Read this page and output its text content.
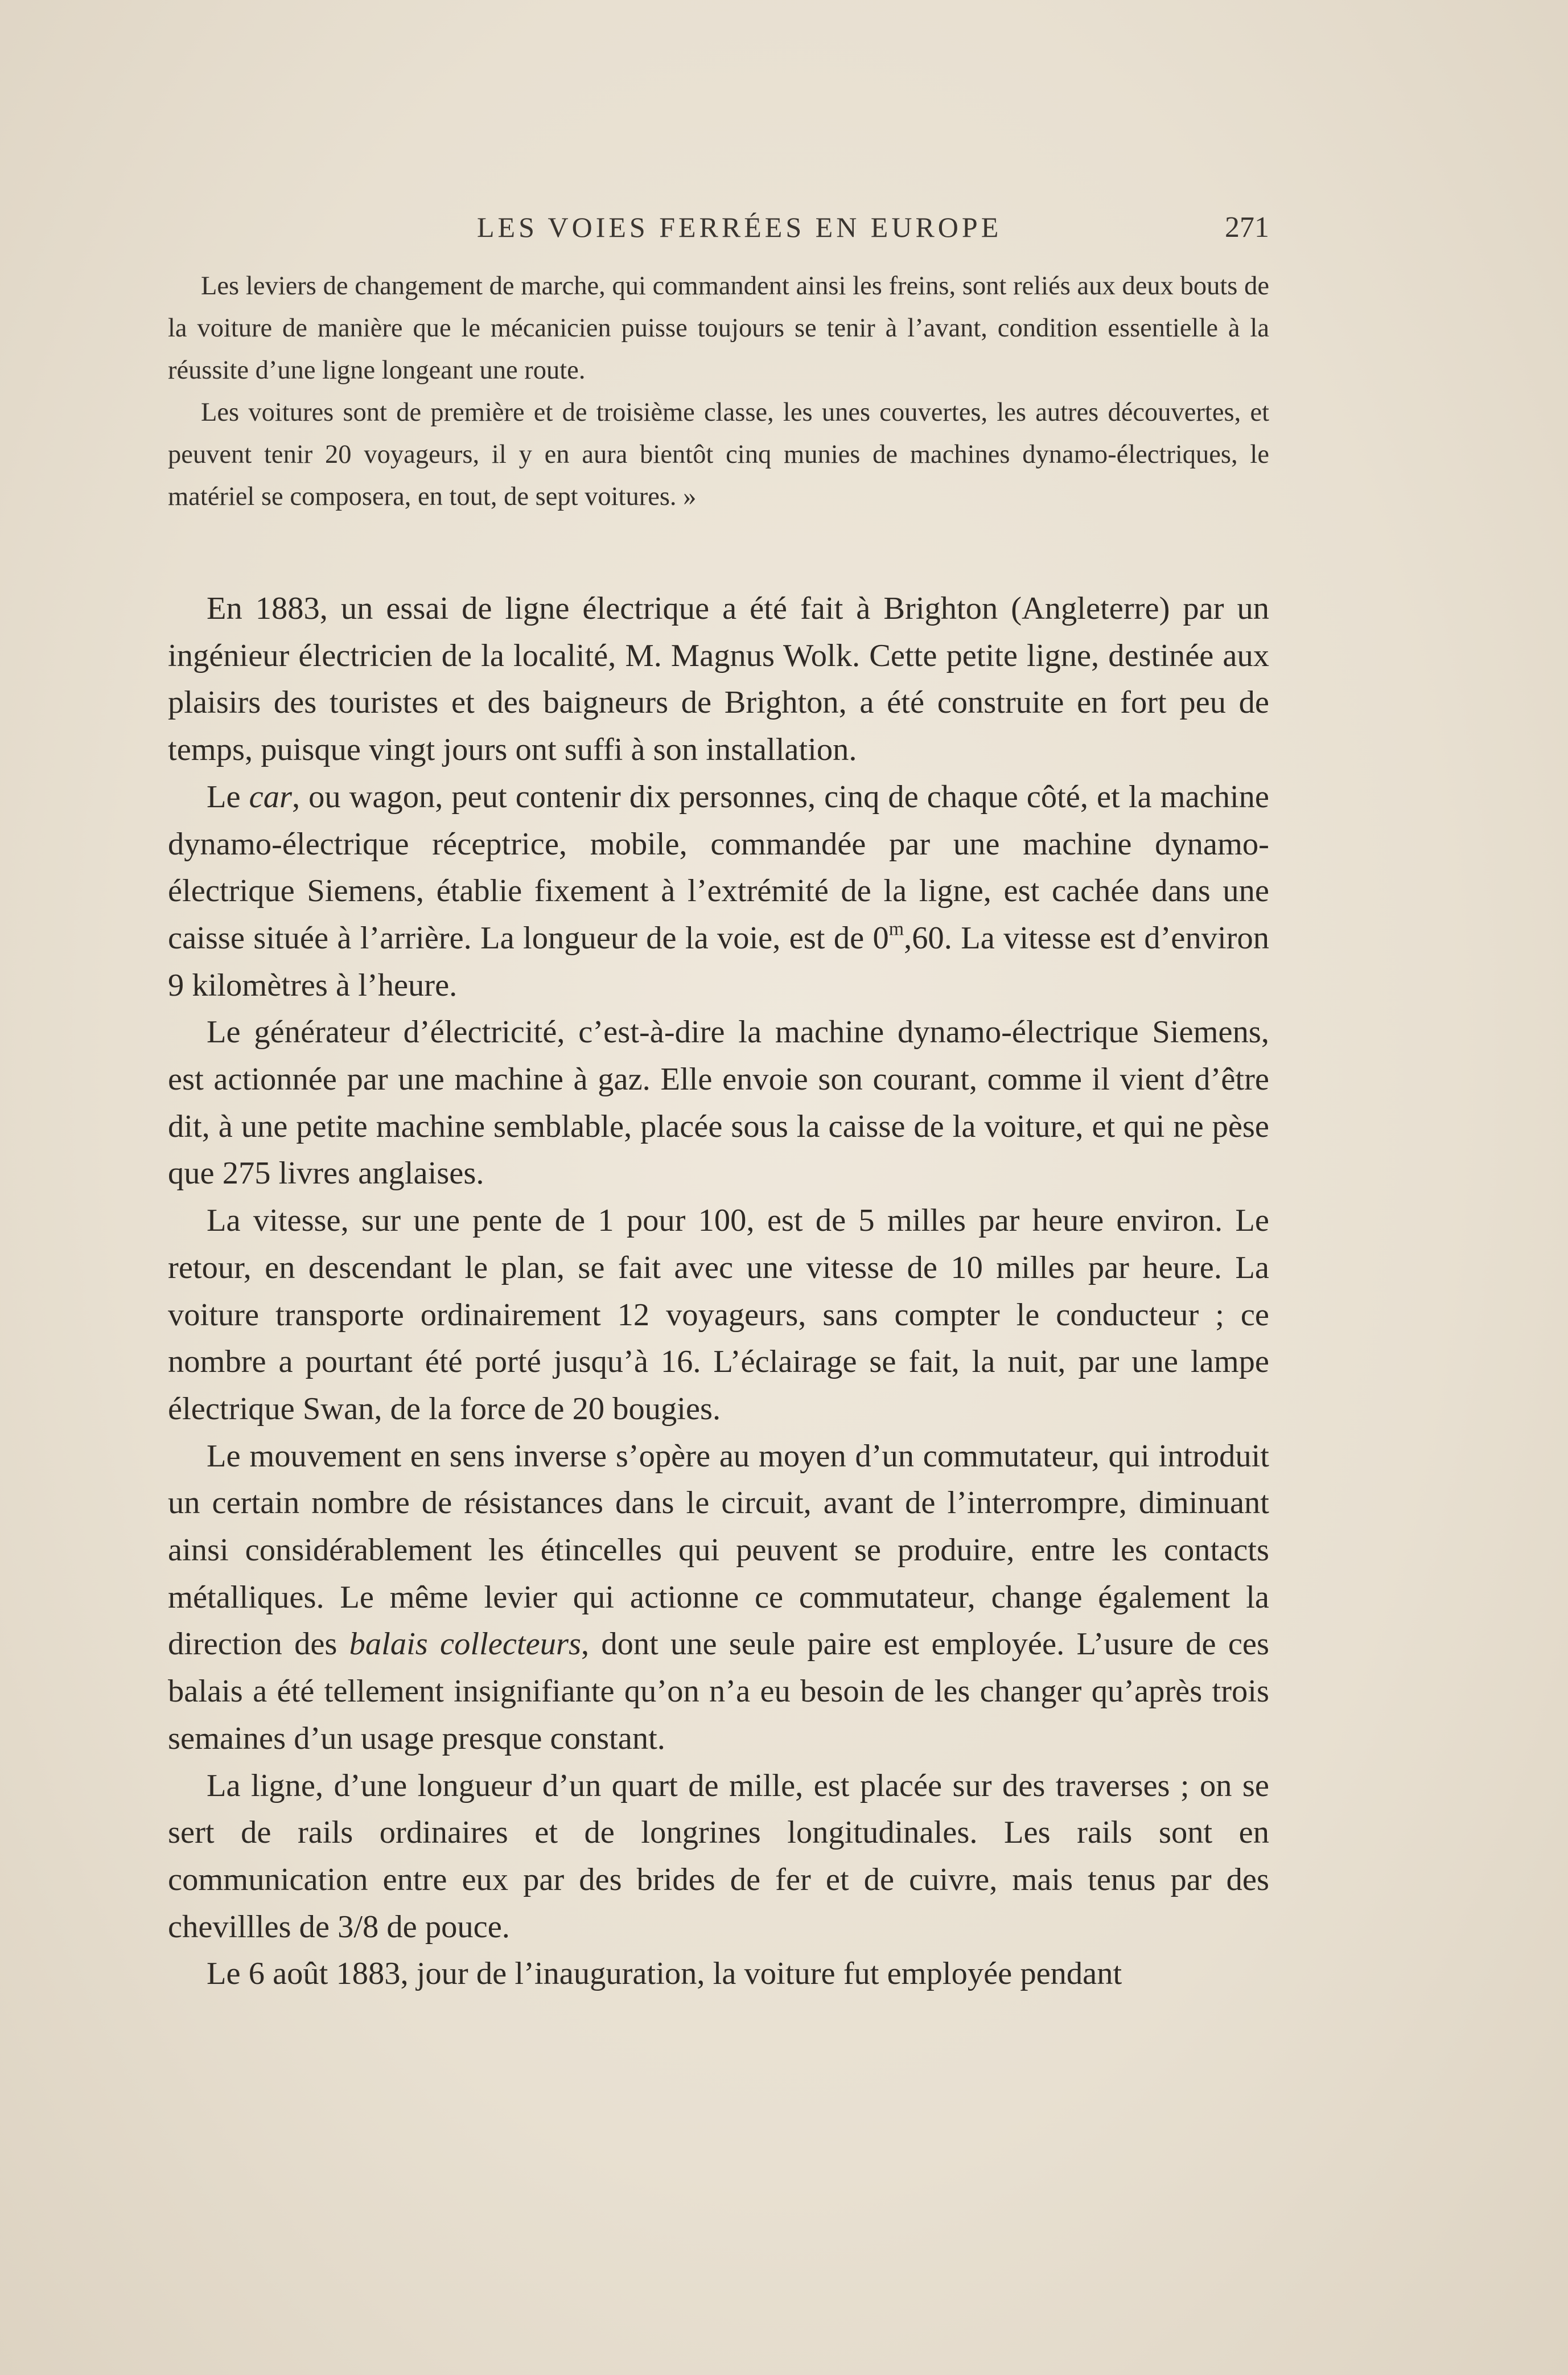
LES VOIES FERRÉES EN EUROPE	271

Les leviers de changement de marche, qui commandent ainsi les freins, sont reliés aux deux bouts de la voiture de manière que le mécanicien puisse toujours se tenir à l’avant, condition essentielle à la réussite d’une ligne longeant une route.

Les voitures sont de première et de troisième classe, les unes couvertes, les autres découvertes, et peuvent tenir 20 voyageurs, il y en aura bientôt cinq munies de machines dynamo-électriques, le matériel se composera, en tout, de sept voitures. »

En 1883, un essai de ligne électrique a été fait à Brighton (Angleterre) par un ingénieur électricien de la localité, M. Magnus Wolk. Cette petite ligne, destinée aux plaisirs des touristes et des baigneurs de Brighton, a été construite en fort peu de temps, puisque vingt jours ont suffi à son installation.

Le car, ou wagon, peut contenir dix personnes, cinq de chaque côté, et la machine dynamo-électrique réceptrice, mobile, commandée par une machine dynamo-électrique Siemens, établie fixement à l’extrémité de la ligne, est cachée dans une caisse située à l’arrière. La longueur de la voie, est de 0$^m$,60. La vitesse est d’environ 9 kilomètres à l’heure.

Le générateur d’électricité, c’est-à-dire la machine dynamo-électrique Siemens, est actionnée par une machine à gaz. Elle envoie son courant, comme il vient d’être dit, à une petite machine semblable, placée sous la caisse de la voiture, et qui ne pèse que 275 livres anglaises.

La vitesse, sur une pente de 1 pour 100, est de 5 milles par heure environ. Le retour, en descendant le plan, se fait avec une vitesse de 10 milles par heure. La voiture transporte ordinairement 12 voyageurs, sans compter le conducteur ; ce nombre a pourtant été porté jusqu’à 16. L’éclairage se fait, la nuit, par une lampe électrique Swan, de la force de 20 bougies.

Le mouvement en sens inverse s’opère au moyen d’un commutateur, qui introduit un certain nombre de résistances dans le circuit, avant de l’interrompre, diminuant ainsi considérablement les étincelles qui peuvent se produire, entre les contacts métalliques. Le même levier qui actionne ce commutateur, change également la direction des balais collecteurs, dont une seule paire est employée. L’usure de ces balais a été tellement insignifiante qu’on n’a eu besoin de les changer qu’après trois semaines d’un usage presque constant.

La ligne, d’une longueur d’un quart de mille, est placée sur des traverses ; on se sert de rails ordinaires et de longrines longitudinales. Les rails sont en communication entre eux par des brides de fer et de cuivre, mais tenus par des chevillles de 3/8 de pouce.

Le 6 août 1883, jour de l’inauguration, la voiture fut employée pendant
